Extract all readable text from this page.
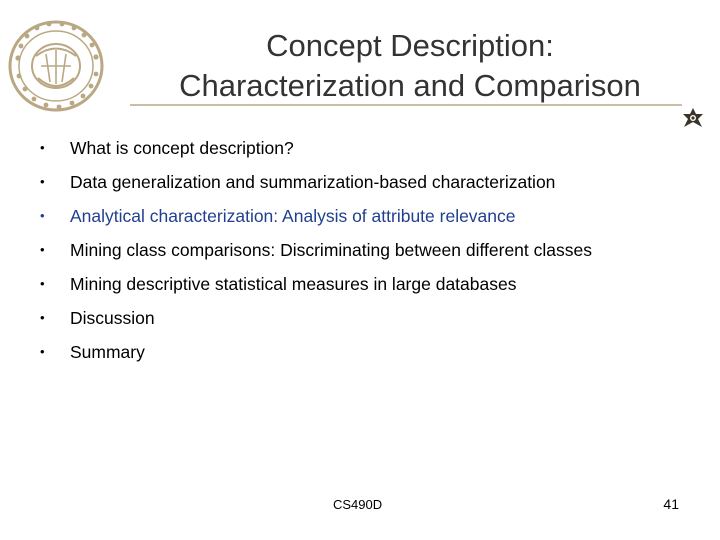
Concept Description:
Characterization and Comparison
•	What is concept description?
•	Data generalization and summarization-based characterization
•	Analytical characterization: Analysis of attribute relevance
•	Mining class comparisons: Discriminating between different classes
•	Mining descriptive statistical measures in large databases
•	Discussion
•	Summary
CS490D	41
